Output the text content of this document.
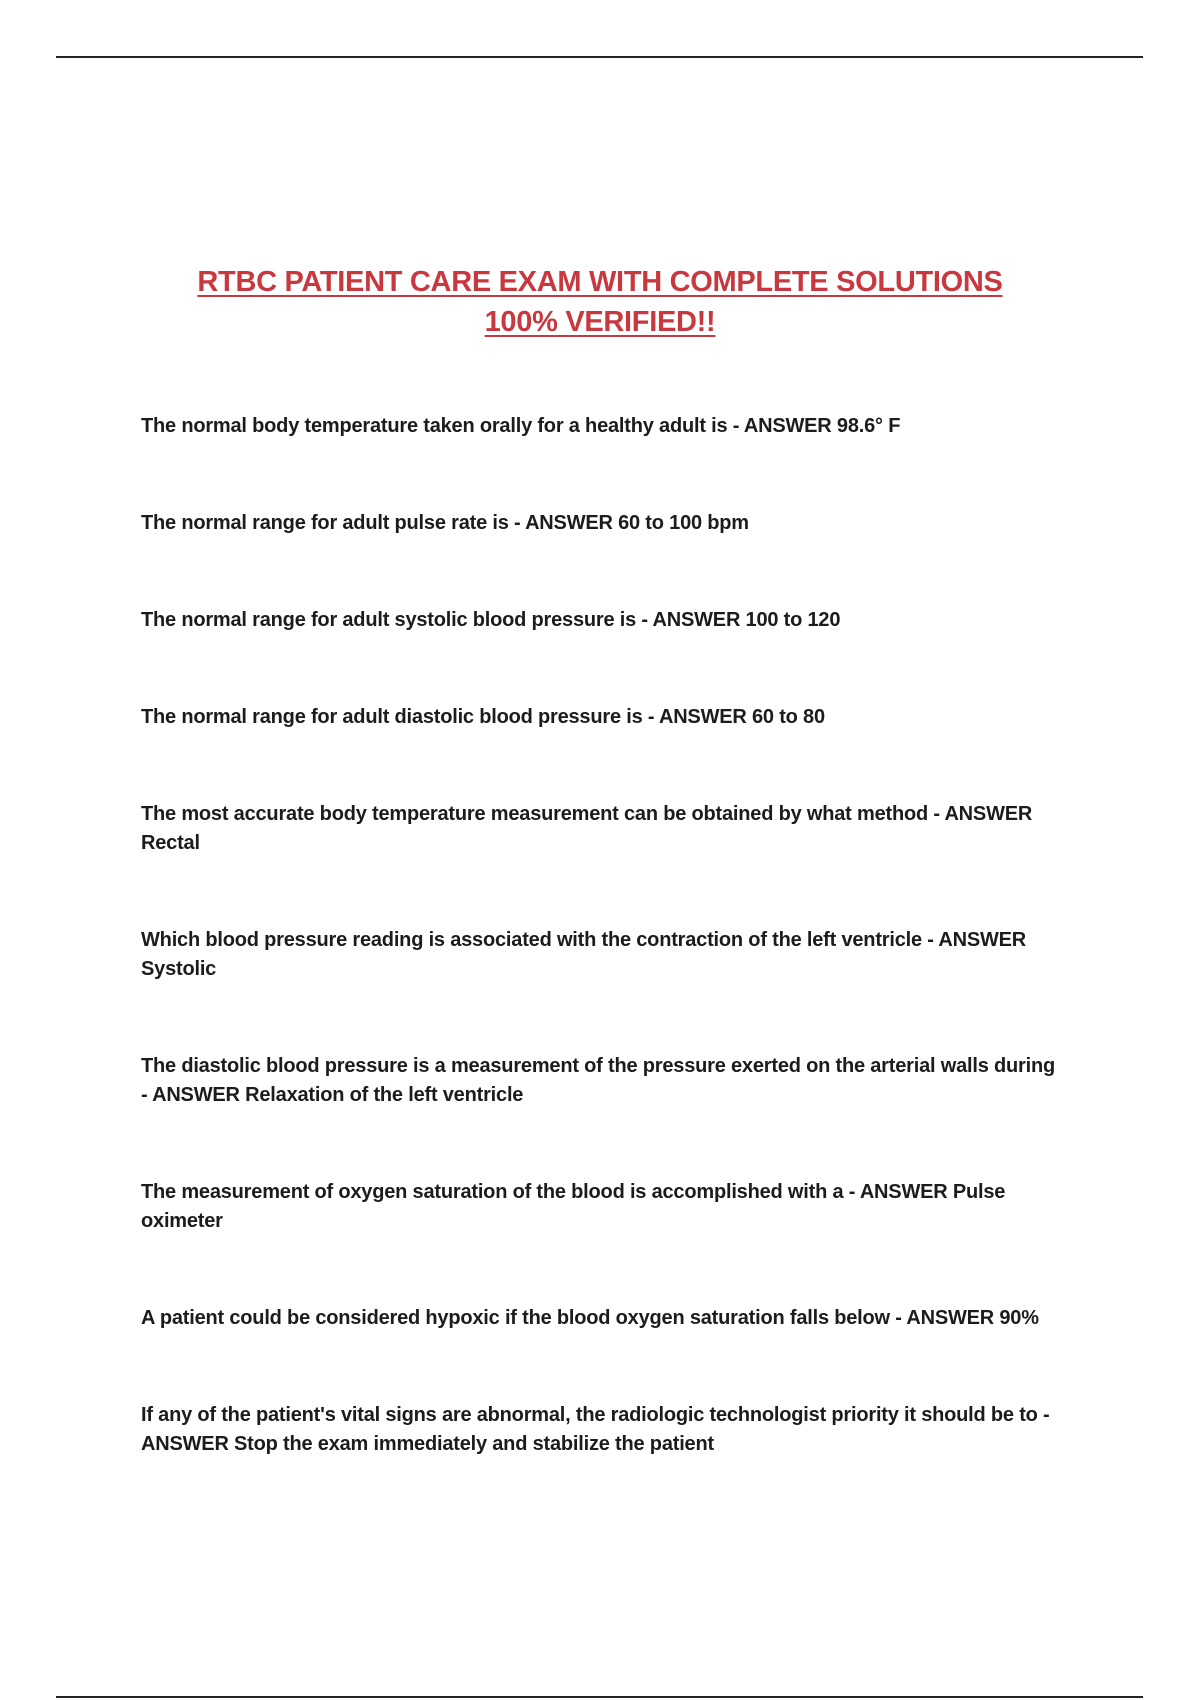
RTBC PATIENT CARE EXAM WITH COMPLETE SOLUTIONS
100% VERIFIED!!
The normal body temperature taken orally for a healthy adult is - ANSWER 98.6° F
The normal range for adult pulse rate is - ANSWER 60 to 100 bpm
The normal range for adult systolic blood pressure is - ANSWER 100 to 120
The normal range for adult diastolic blood pressure is - ANSWER 60 to 80
The most accurate body temperature measurement can be obtained by what method - ANSWER Rectal
Which blood pressure reading is associated with the contraction of the left ventricle - ANSWER Systolic
The diastolic blood pressure is a measurement of the pressure exerted on the arterial walls during - ANSWER Relaxation of the left ventricle
The measurement of oxygen saturation of the blood is accomplished with a - ANSWER Pulse oximeter
A patient could be considered hypoxic if the blood oxygen saturation falls below - ANSWER 90%
If any of the patient's vital signs are abnormal, the radiologic technologist priority it should be to - ANSWER Stop the exam immediately and stabilize the patient
